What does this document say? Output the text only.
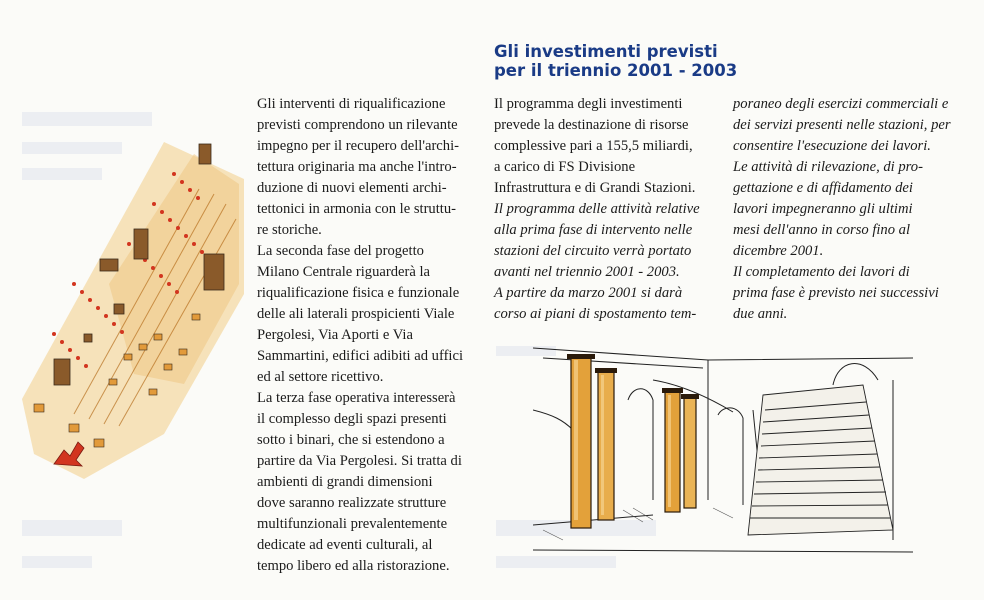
Gli investimenti previsti
per il triennio 2001 - 2003

Gli interventi di riqualificazione

previsti comprendono un rilevante

impegno per il recupero dell'archi-

tettura originaria ma anche l'intro-

duzione di nuovi elementi archi-

tettonici in armonia con le struttu-

re storiche.

La seconda fase del progetto

Milano Centrale riguarderà la

riqualificazione fisica e funzionale

delle ali laterali prospicienti Viale

Pergolesi, Via Aporti e Via

Sammartini, edifici adibiti ad uffici

ed al settore ricettivo.

La terza fase operativa interesserà

il complesso degli spazi presenti

sotto i binari, che si estendono a

partire da Via Pergolesi. Si tratta di

ambienti di grandi dimensioni

dove saranno realizzate strutture

multifunzionali prevalentemente

dedicate ad eventi culturali, al

tempo libero ed alla ristorazione.

Il programma degli investimenti

prevede la destinazione di risorse

complessive pari a 155,5 miliardi,

a carico di FS Divisione

Infrastruttura e di Grandi Stazioni.

Il programma delle attività relative

alla prima fase di intervento nelle

stazioni del circuito verrà portato

avanti nel triennio 2001 - 2003.

A partire da marzo 2001 si darà

corso ai piani di spostamento tem-

poraneo degli esercizi commerciali e

dei servizi presenti nelle stazioni, per

consentire l'esecuzione dei lavori.

Le attività di rilevazione, di pro-

gettazione e di affidamento dei

lavori impegneranno gli ultimi

mesi dell'anno in corso fino al

dicembre 2001.

Il completamento dei lavori di

prima fase è previsto nei successivi

due anni.
